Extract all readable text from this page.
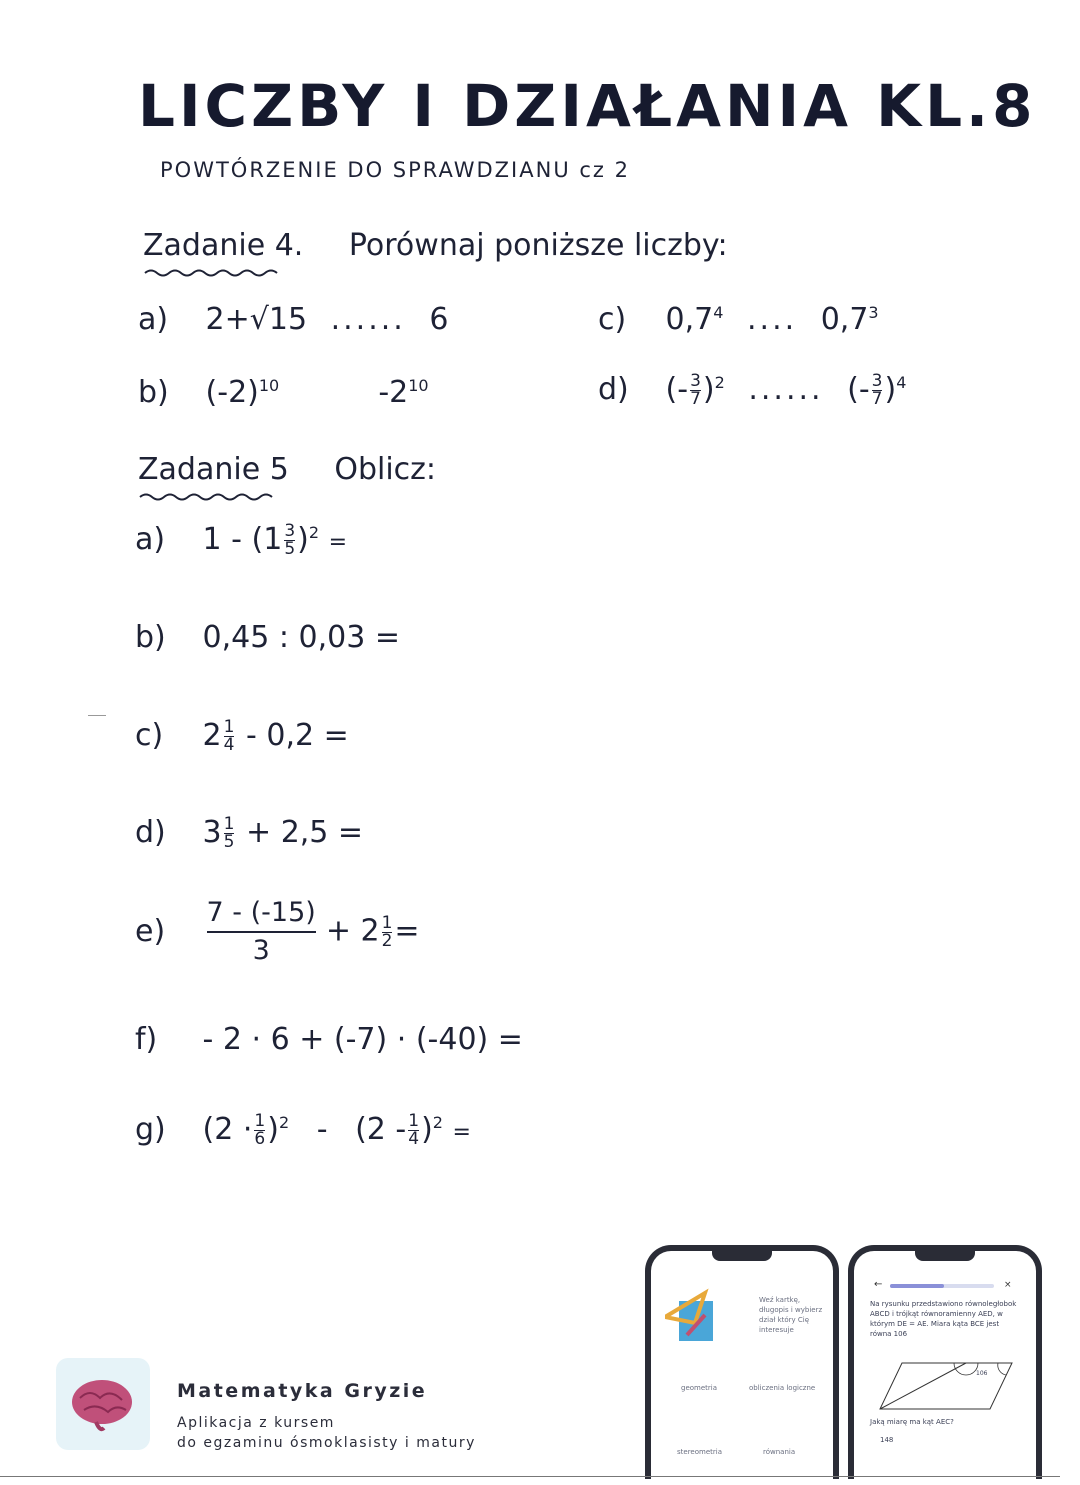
LICZBY I DZIAŁANIA KL.8
POWTÓRZENIE DO SPRAWDZIANU cz 2
Zadanie 4. Porównaj poniższe liczby:
a) 2+√15 ...... 6
b) $(-2)^{10}$	$-2^{10}$
c) $0,7^4$ .... $0,7^3$
d) (- $\frac{3}{7} )^2$ ...... (- $\frac{3}{7} )^4$
Zadanie 5 Oblicz:
a) $1 - (1 \frac{3}{5} )^2$ =
b) 0,45 : 0,03 =
c) $2 \frac{1}{4} - 0,2$ =
d) $3 \frac{1}{5} + 2,5$ =
$e) \frac{7 - (-15)}{3} + 2 \frac{1}{2}$ =
f) - 2 · 6 + (-7) · (-40) =
g) $(2 \cdot \frac{1}{6} )^2 - (2 - \frac{1}{4} )^2$ =
Matematyka Gryzie
Aplikacja z kursem
do egzaminu ósmoklasisty i matury
Weź kartkę, długopis i wybierz dział który Cię interesuje
geometria	obliczenia logiczne
stereometria	równania
←	×
Na rysunku przedstawiono równoległobok ABCD i trójkąt równoramienny AED, w którym DE = AE. Miara kąta BCE jest równa 106
106
Jaką miarę ma kąt AEC?
148
